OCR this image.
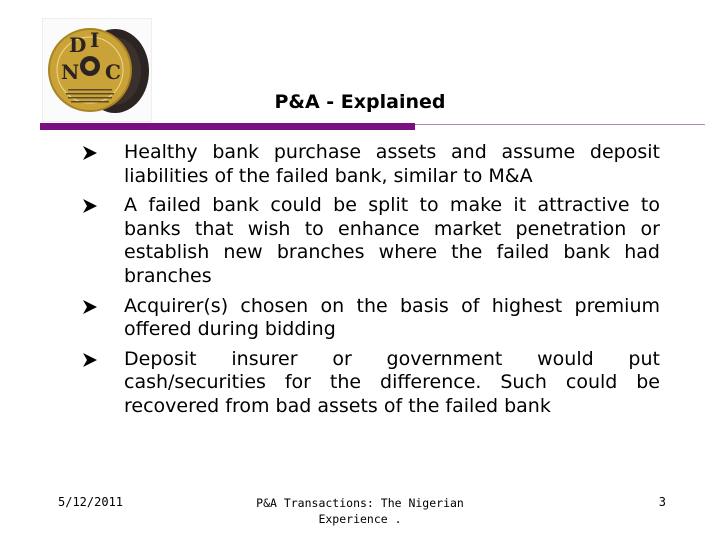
N
D I
C
P&A - Explained
Healthy bank purchase assets and assume deposit liabilities of the failed bank, similar to M&A
A failed bank could be split to make it attractive to banks that wish to enhance market penetration or establish new branches where the failed bank had branches
Acquirer(s) chosen on the basis of highest premium offered during bidding
Deposit insurer or government would put cash/securities for the difference. Such could be recovered from bad assets of the failed bank
5/12/2011	P&A Transactions: The Nigerian Experience .
3
